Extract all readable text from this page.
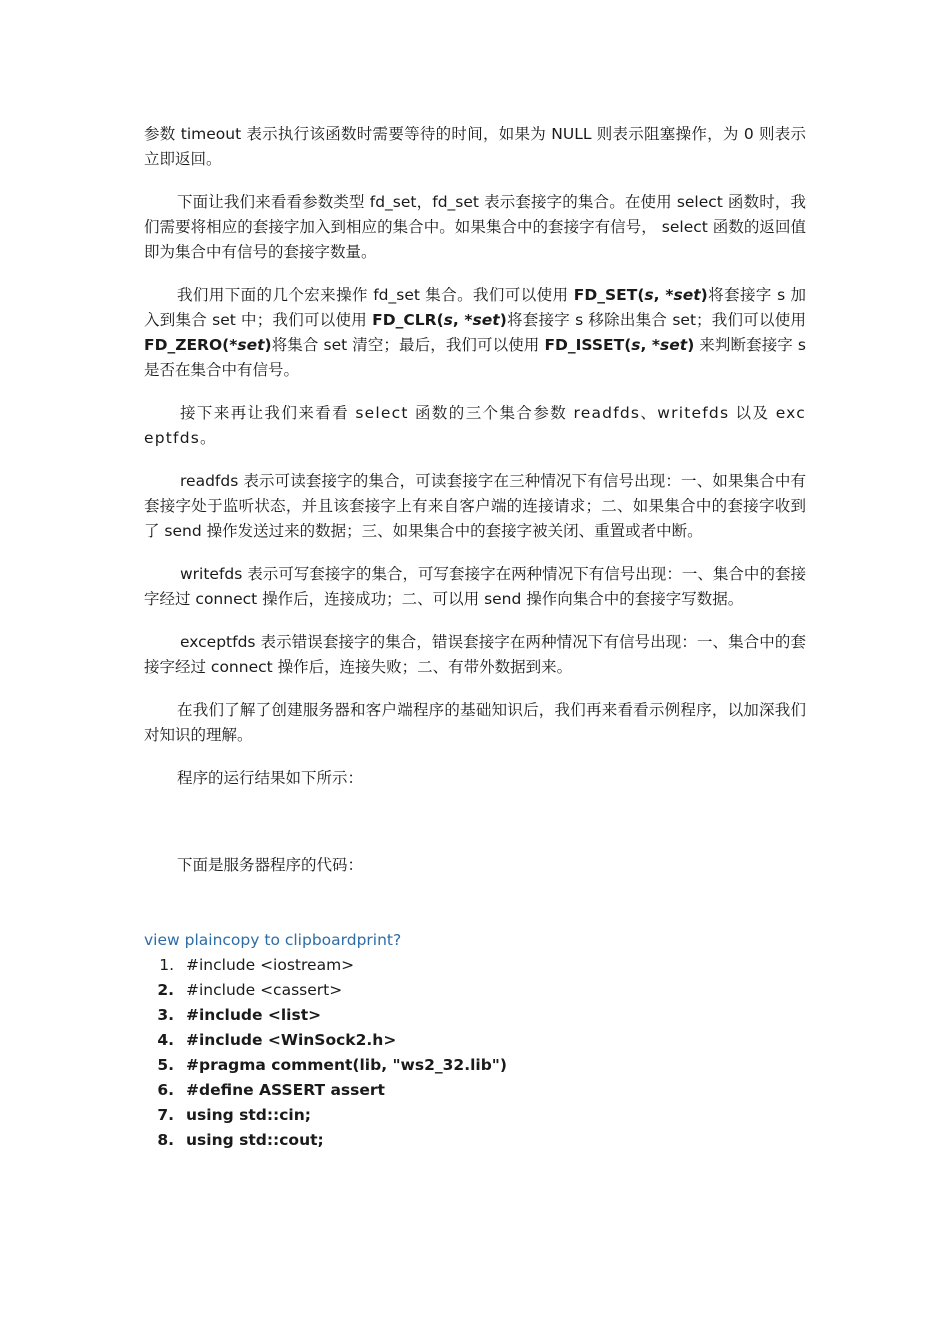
参数 timeout 表示执行该函数时需要等待的时间，如果为 NULL 则表示阻塞操作，为 0 则表示立即返回。

下面让我们来看看参数类型 fd_set，fd_set 表示套接字的集合。在使用 select 函数时，我们需要将相应的套接字加入到相应的集合中。如果集合中的套接字有信号， select 函数的返回值即为集合中有信号的套接字数量。

我们用下面的几个宏来操作 fd_set 集合。我们可以使用 FD_SET(s, *set)将套接字 s 加入到集合 set 中；我们可以使用 FD_CLR(s, *set)将套接字 s 移除出集合 set；我们可以使用 FD_ZERO(*set)将集合 set 清空；最后，我们可以使用 FD_ISSET(s, *set) 来判断套接字 s 是否在集合中有信号。

接下来再让我们来看看 select 函数的三个集合参数 readfds、writefds 以及 exceptfds。

readfds 表示可读套接字的集合，可读套接字在三种情况下有信号出现：一、如果集合中有套接字处于监听状态，并且该套接字上有来自客户端的连接请求；二、如果集合中的套接字收到了 send 操作发送过来的数据；三、如果集合中的套接字被关闭、重置或者中断。

writefds 表示可写套接字的集合，可写套接字在两种情况下有信号出现：一、集合中的套接字经过 connect 操作后，连接成功；二、可以用 send 操作向集合中的套接字写数据。

exceptfds 表示错误套接字的集合，错误套接字在两种情况下有信号出现：一、集合中的套接字经过 connect 操作后，连接失败；二、有带外数据到来。

在我们了解了创建服务器和客户端程序的基础知识后，我们再来看看示例程序，以加深我们对知识的理解。

程序的运行结果如下所示：

下面是服务器程序的代码：

view plaincopy to clipboardprint?
1. #include <iostream>
2. #include <cassert>
3. #include <list>
4. #include <WinSock2.h>
5. #pragma comment(lib, "ws2_32.lib")
6. #define ASSERT assert
7. using std::cin;
8. using std::cout;
